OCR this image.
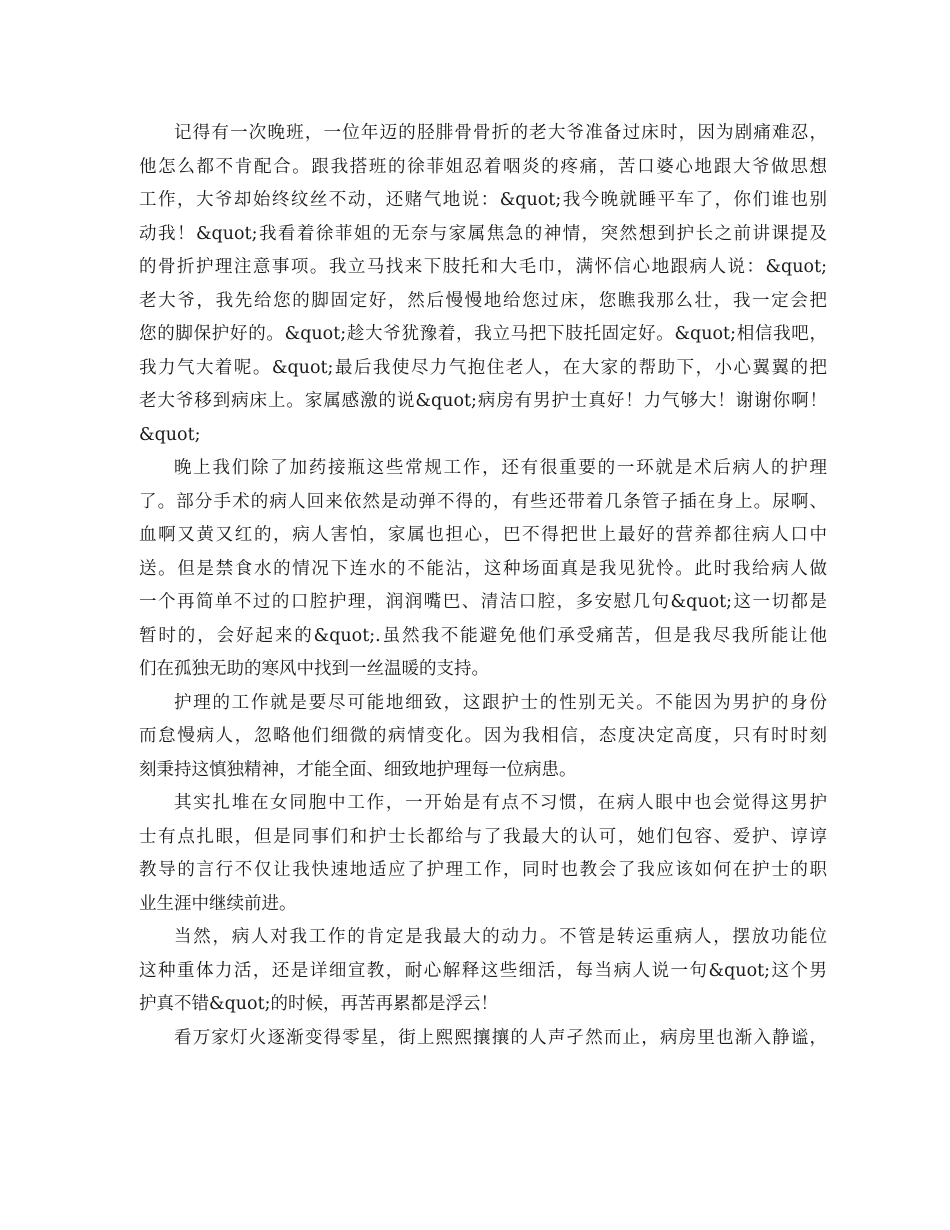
记得有一次晚班，一位年迈的胫腓骨骨折的老大爷准备过床时，因为剧痛难忍，
他怎么都不肯配合。跟我搭班的徐菲姐忍着咽炎的疼痛，苦口婆心地跟大爷做思想
工作，大爷却始终纹丝不动，还赌气地说：&quot;我今晚就睡平车了，你们谁也别
动我！&quot;我看着徐菲姐的无奈与家属焦急的神情，突然想到护长之前讲课提及
的骨折护理注意事项。我立马找来下肢托和大毛巾，满怀信心地跟病人说：&quot;
老大爷，我先给您的脚固定好，然后慢慢地给您过床，您瞧我那么壮，我一定会把
您的脚保护好的。&quot;趁大爷犹豫着，我立马把下肢托固定好。&quot;相信我吧，
我力气大着呢。&quot;最后我使尽力气抱住老人，在大家的帮助下，小心翼翼的把
老大爷移到病床上。家属感激的说&quot;病房有男护士真好！力气够大！谢谢你啊！
&quot;
晚上我们除了加药接瓶这些常规工作，还有很重要的一环就是术后病人的护理
了。部分手术的病人回来依然是动弹不得的，有些还带着几条管子插在身上。尿啊、
血啊又黄又红的，病人害怕，家属也担心，巴不得把世上最好的营养都往病人口中
送。但是禁食水的情况下连水的不能沾，这种场面真是我见犹怜。此时我给病人做
一个再简单不过的口腔护理，润润嘴巴、清洁口腔，多安慰几句&quot;这一切都是
暂时的，会好起来的&quot;.虽然我不能避免他们承受痛苦，但是我尽我所能让他
们在孤独无助的寒风中找到一丝温暖的支持。
护理的工作就是要尽可能地细致，这跟护士的性别无关。不能因为男护的身份
而怠慢病人，忽略他们细微的病情变化。因为我相信，态度决定高度，只有时时刻
刻秉持这慎独精神，才能全面、细致地护理每一位病患。
其实扎堆在女同胞中工作，一开始是有点不习惯，在病人眼中也会觉得这男护
士有点扎眼，但是同事们和护士长都给与了我最大的认可，她们包容、爱护、谆谆
教导的言行不仅让我快速地适应了护理工作，同时也教会了我应该如何在护士的职
业生涯中继续前进。
当然，病人对我工作的肯定是我最大的动力。不管是转运重病人，摆放功能位
这种重体力活，还是详细宣教，耐心解释这些细活，每当病人说一句&quot;这个男
护真不错&quot;的时候，再苦再累都是浮云！
看万家灯火逐渐变得零星，街上熙熙攘攘的人声孑然而止，病房里也渐入静谧，
